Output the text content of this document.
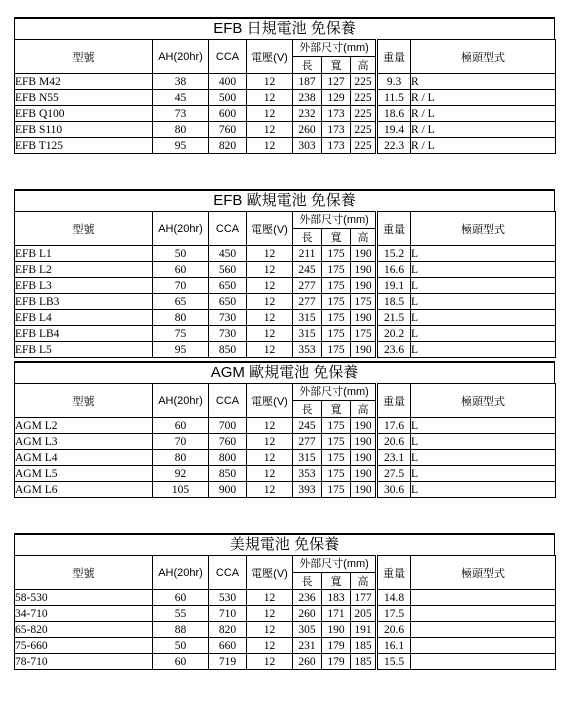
EFB 日規電池 免保養
型號	AH(20hr)	CCA	電壓(V)	外部尺寸(mm)			重量	極頭型式
				長	寬	高		
EFB M42	38	400	12	187	127	225	9.3	R
EFB N55	45	500	12	238	129	225	11.5	R / L
EFB Q100	73	600	12	232	173	225	18.6	R / L
EFB S110	80	760	12	260	173	225	19.4	R / L
EFB T125	95	820	12	303	173	225	22.3	R / L
EFB 歐規電池 免保養
型號	AH(20hr)	CCA	電壓(V)	外部尺寸(mm)			重量	極頭型式
				長	寬	高		
EFB L1	50	450	12	211	175	190	15.2	L
EFB L2	60	560	12	245	175	190	16.6	L
EFB L3	70	650	12	277	175	190	19.1	L
EFB LB3	65	650	12	277	175	175	18.5	L
EFB L4	80	730	12	315	175	190	21.5	L
EFB LB4	75	730	12	315	175	175	20.2	L
EFB L5	95	850	12	353	175	190	23.6	L
AGM 歐規電池 免保養
型號	AH(20hr)	CCA	電壓(V)	外部尺寸(mm)			重量	極頭型式
				長	寬	高		
AGM L2	60	700	12	245	175	190	17.6	L
AGM L3	70	760	12	277	175	190	20.6	L
AGM L4	80	800	12	315	175	190	23.1	L
AGM L5	92	850	12	353	175	190	27.5	L
AGM L6	105	900	12	393	175	190	30.6	L
美規電池 免保養
型號	AH(20hr)	CCA	電壓(V)	外部尺寸(mm)			重量	極頭型式
				長	寬	高		
58-530	60	530	12	236	183	177	14.8	
34-710	55	710	12	260	171	205	17.5	
65-820	88	820	12	305	190	191	20.6	
75-660	50	660	12	231	179	185	16.1	
78-710	60	719	12	260	179	185	15.5	
